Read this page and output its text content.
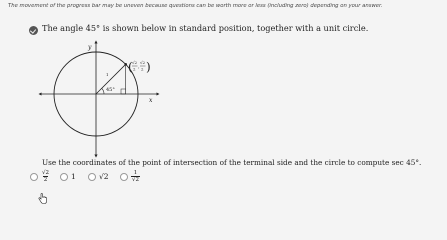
The movement of the progress bar may be uneven because questions can be worth more or less (including zero) depending on your answer.
The angle 45° is shown below in standard position, together with a unit circle.
45°
1
y
x
( √2
2 ,
√2
2 )
Use the coordinates of the point of intersection of the terminal side and the circle to compute sec 45°.
$\frac{√2}{2}$	1	√2	$\frac{1}{√2}$
